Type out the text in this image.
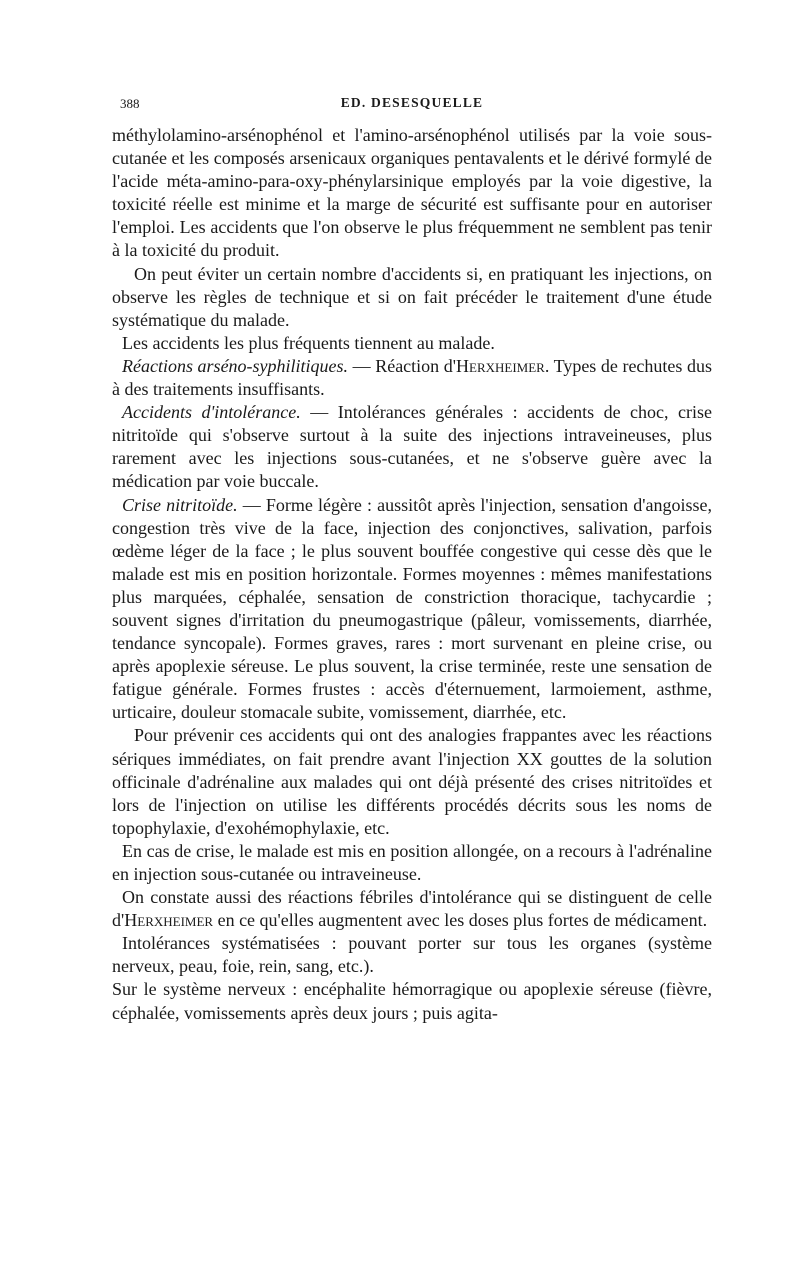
388	ED. DESESQUELLE

méthylolamino-arsénophénol et l'amino-arsénophénol utilisés par la voie sous-cutanée et les composés arsenicaux organiques pentavalents et le dérivé formylé de l'acide méta-amino-para-oxy-phénylarsinique employés par la voie digestive, la toxicité réelle est minime et la marge de sécurité est suffisante pour en autoriser l'emploi. Les accidents que l'on observe le plus fréquemment ne semblent pas tenir à la toxicité du produit.

On peut éviter un certain nombre d'accidents si, en pratiquant les injections, on observe les règles de technique et si on fait précéder le traitement d'une étude systématique du malade.

Les accidents les plus fréquents tiennent au malade.

Réactions arséno-syphilitiques. — Réaction d'Herxheimer. Types de rechutes dus à des traitements insuffisants.

Accidents d'intolérance. — Intolérances générales : accidents de choc, crise nitritoïde qui s'observe surtout à la suite des injections intraveineuses, plus rarement avec les injections sous-cutanées, et ne s'observe guère avec la médication par voie buccale.

Crise nitritoïde. — Forme légère : aussitôt après l'injection, sensation d'angoisse, congestion très vive de la face, injection des conjonctives, salivation, parfois œdème léger de la face ; le plus souvent bouffée congestive qui cesse dès que le malade est mis en position horizontale. Formes moyennes : mêmes manifestations plus marquées, céphalée, sensation de constriction thoracique, tachycardie ; souvent signes d'irritation du pneumogastrique (pâleur, vomissements, diarrhée, tendance syncopale). Formes graves, rares : mort survenant en pleine crise, ou après apoplexie séreuse. Le plus souvent, la crise terminée, reste une sensation de fatigue générale. Formes frustes : accès d'éternuement, larmoiement, asthme, urticaire, douleur stomacale subite, vomissement, diarrhée, etc.

Pour prévenir ces accidents qui ont des analogies frappantes avec les réactions sériques immédiates, on fait prendre avant l'injection XX gouttes de la solution officinale d'adrénaline aux malades qui ont déjà présenté des crises nitritoïdes et lors de l'injection on utilise les différents procédés décrits sous les noms de topophylaxie, d'exohémophylaxie, etc.

En cas de crise, le malade est mis en position allongée, on a recours à l'adrénaline en injection sous-cutanée ou intraveineuse.

On constate aussi des réactions fébriles d'intolérance qui se distinguent de celle d'Herxheimer en ce qu'elles augmentent avec les doses plus fortes de médicament.

Intolérances systématisées : pouvant porter sur tous les organes (système nerveux, peau, foie, rein, sang, etc.).

Sur le système nerveux : encéphalite hémorragique ou apoplexie séreuse (fièvre, céphalée, vomissements après deux jours ; puis agita-
